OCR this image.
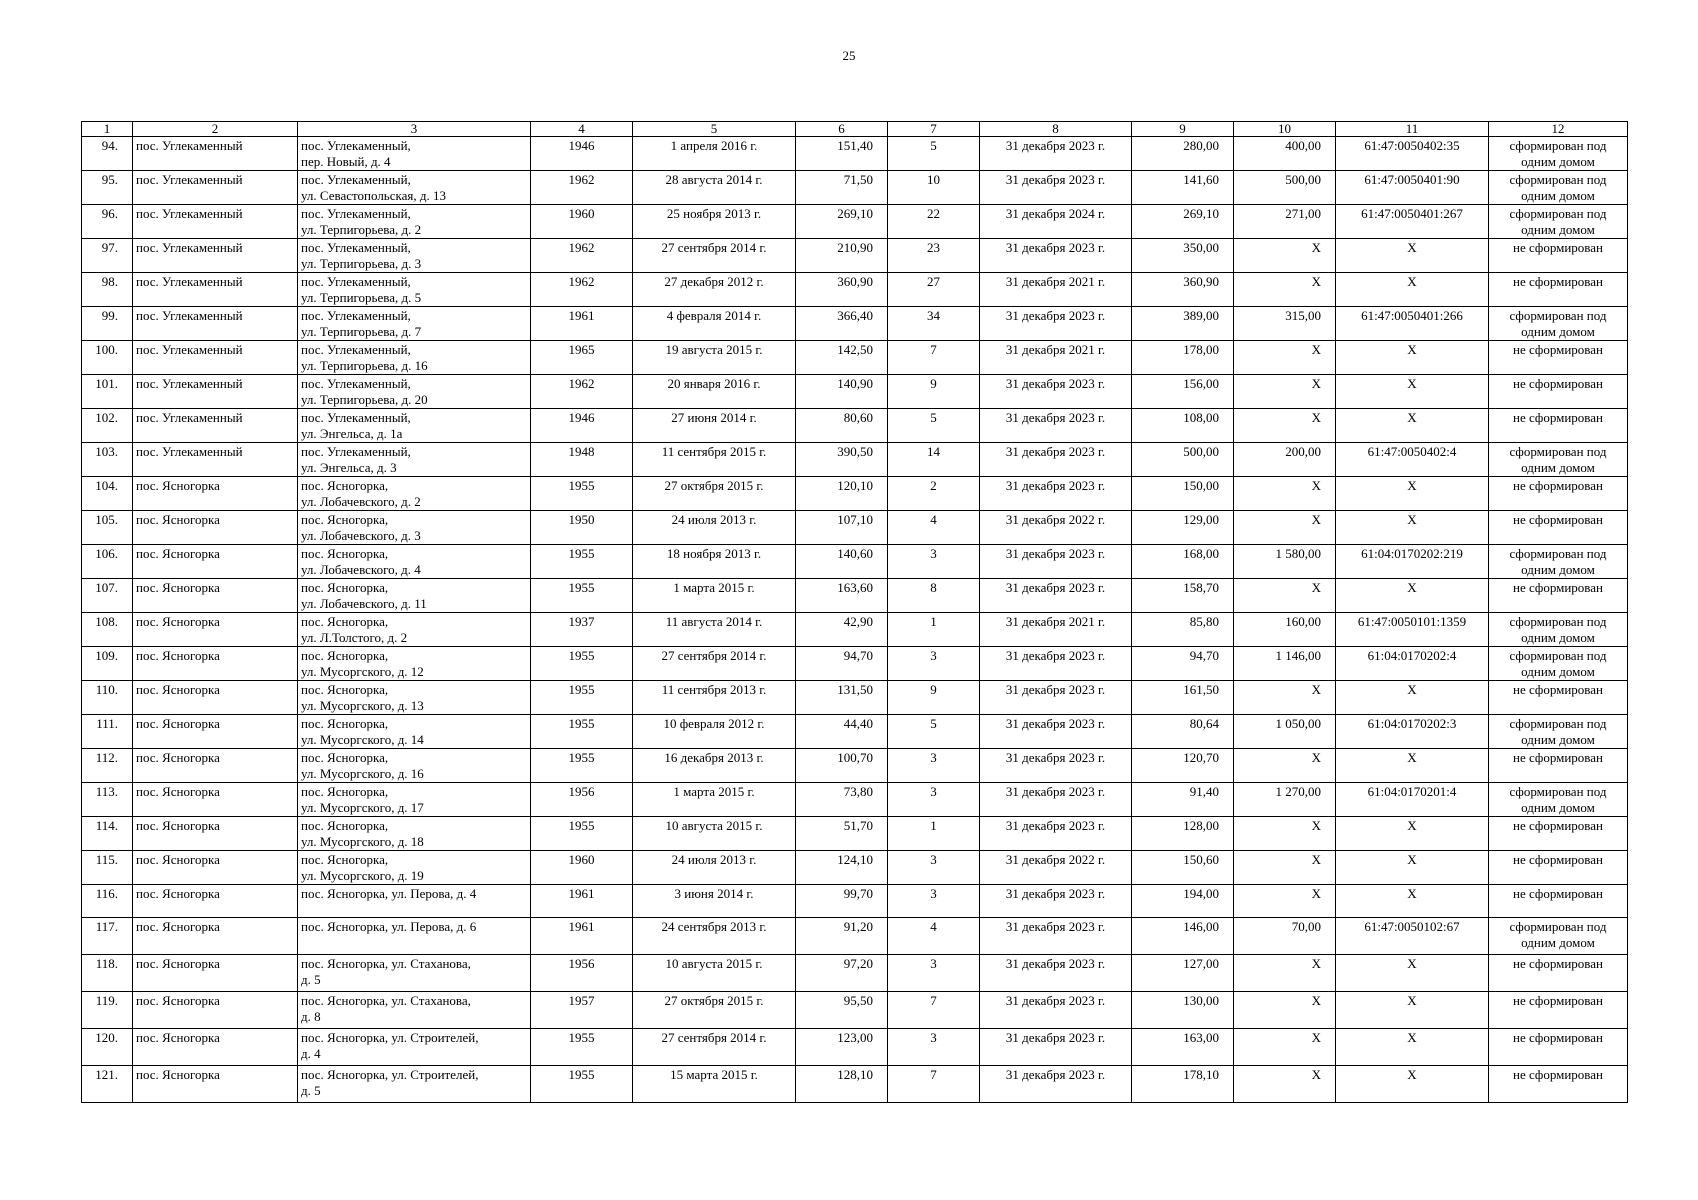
25
1	2	3	4	5	6	7	8	9	10	11	12
94.	пос. Углекаменный	пос. Углекаменный,
пер. Новый, д. 4	1946	1 апреля 2016 г.	151,40	5	31 декабря 2023 г.	280,00	400,00	61:47:0050402:35	сформирован под
одним домом

95.	пос. Углекаменный	пос. Углекаменный,
ул. Севастопольская, д. 13	1962	28 августа 2014 г.	71,50	10	31 декабря 2023 г.	141,60	500,00	61:47:0050401:90	сформирован под
одним домом

96.	пос. Углекаменный	пос. Углекаменный,
ул. Терпигорьева, д. 2	1960	25 ноября 2013 г.	269,10	22	31 декабря 2024 г.	269,10	271,00	61:47:0050401:267	сформирован под
одним домом

97.	пос. Углекаменный	пос. Углекаменный,
ул. Терпигорьева, д. 3	1962	27 сентября 2014 г.	210,90	23	31 декабря 2023 г.	350,00	Х	Х	не сформирован

98.	пос. Углекаменный	пос. Углекаменный,
ул. Терпигорьева, д. 5	1962	27 декабря 2012 г.	360,90	27	31 декабря 2021 г.	360,90	Х	Х	не сформирован

99.	пос. Углекаменный	пос. Углекаменный,
ул. Терпигорьева, д. 7	1961	4 февраля 2014 г.	366,40	34	31 декабря 2023 г.	389,00	315,00	61:47:0050401:266	сформирован под
одним домом

100.	пос. Углекаменный	пос. Углекаменный,
ул. Терпигорьева, д. 16	1965	19 августа 2015 г.	142,50	7	31 декабря 2021 г.	178,00	Х	Х	не сформирован

101.	пос. Углекаменный	пос. Углекаменный,
ул. Терпигорьева, д. 20	1962	20 января 2016 г.	140,90	9	31 декабря 2023 г.	156,00	Х	Х	не сформирован

102.	пос. Углекаменный	пос. Углекаменный,
ул. Энгельса, д. 1а	1946	27 июня 2014 г.	80,60	5	31 декабря 2023 г.	108,00	Х	Х	не сформирован

103.	пос. Углекаменный	пос. Углекаменный,
ул. Энгельса, д. 3	1948	11 сентября 2015 г.	390,50	14	31 декабря 2023 г.	500,00	200,00	61:47:0050402:4	сформирован под
одним домом

104.	пос. Ясногорка	пос. Ясногорка,
ул. Лобачевского, д. 2	1955	27 октября 2015 г.	120,10	2	31 декабря 2023 г.	150,00	Х	Х	не сформирован

105.	пос. Ясногорка	пос. Ясногорка,
ул. Лобачевского, д. 3	1950	24 июля 2013 г.	107,10	4	31 декабря 2022 г.	129,00	Х	Х	не сформирован

106.	пос. Ясногорка	пос. Ясногорка,
ул. Лобачевского, д. 4	1955	18 ноября 2013 г.	140,60	3	31 декабря 2023 г.	168,00	1 580,00	61:04:0170202:219	сформирован под
одним домом

107.	пос. Ясногорка	пос. Ясногорка,
ул. Лобачевского, д. 11	1955	1 марта 2015 г.	163,60	8	31 декабря 2023 г.	158,70	Х	Х	не сформирован

108.	пос. Ясногорка	пос. Ясногорка,
ул. Л.Толстого, д. 2	1937	11 августа 2014 г.	42,90	1	31 декабря 2021 г.	85,80	160,00	61:47:0050101:1359	сформирован под
одним домом

109.	пос. Ясногорка	пос. Ясногорка,
ул. Мусоргского, д. 12	1955	27 сентября 2014 г.	94,70	3	31 декабря 2023 г.	94,70	1 146,00	61:04:0170202:4	сформирован под
одним домом

110.	пос. Ясногорка	пос. Ясногорка,
ул. Мусоргского, д. 13	1955	11 сентября 2013 г.	131,50	9	31 декабря 2023 г.	161,50	Х	Х	не сформирован

111.	пос. Ясногорка	пос. Ясногорка,
ул. Мусоргского, д. 14	1955	10 февраля 2012 г.	44,40	5	31 декабря 2023 г.	80,64	1 050,00	61:04:0170202:3	сформирован под
одним домом

112.	пос. Ясногорка	пос. Ясногорка,
ул. Мусоргского, д. 16	1955	16 декабря 2013 г.	100,70	3	31 декабря 2023 г.	120,70	Х	Х	не сформирован

113.	пос. Ясногорка	пос. Ясногорка,
ул. Мусоргского, д. 17	1956	1 марта 2015 г.	73,80	3	31 декабря 2023 г.	91,40	1 270,00	61:04:0170201:4	сформирован под
одним домом

114.	пос. Ясногорка	пос. Ясногорка,
ул. Мусоргского, д. 18	1955	10 августа 2015 г.	51,70	1	31 декабря 2023 г.	128,00	Х	Х	не сформирован

115.	пос. Ясногорка	пос. Ясногорка,
ул. Мусоргского, д. 19	1960	24 июля 2013 г.	124,10	3	31 декабря 2022 г.	150,60	Х	Х	не сформирован

116.	пос. Ясногорка	пос. Ясногорка, ул. Перова, д. 4	1961	3 июня 2014 г.	99,70	3	31 декабря 2023 г.	194,00	Х	Х	не сформирован

117.	пос. Ясногорка	пос. Ясногорка, ул. Перова, д. 6	1961	24 сентября 2013 г.	91,20	4	31 декабря 2023 г.	146,00	70,00	61:47:0050102:67	сформирован под
одним домом

118.	пос. Ясногорка	пос. Ясногорка, ул. Стаханова,
д. 5	1956	10 августа 2015 г.	97,20	3	31 декабря 2023 г.	127,00	Х	Х	не сформирован

119.	пос. Ясногорка	пос. Ясногорка, ул. Стаханова,
д. 8	1957	27 октября 2015 г.	95,50	7	31 декабря 2023 г.	130,00	Х	Х	не сформирован

120.	пос. Ясногорка	пос. Ясногорка, ул. Строителей,
д. 4	1955	27 сентября 2014 г.	123,00	3	31 декабря 2023 г.	163,00	Х	Х	не сформирован

121.	пос. Ясногорка	пос. Ясногорка, ул. Строителей,
д. 5	1955	15 марта 2015 г.	128,10	7	31 декабря 2023 г.	178,10	Х	Х	не сформирован
